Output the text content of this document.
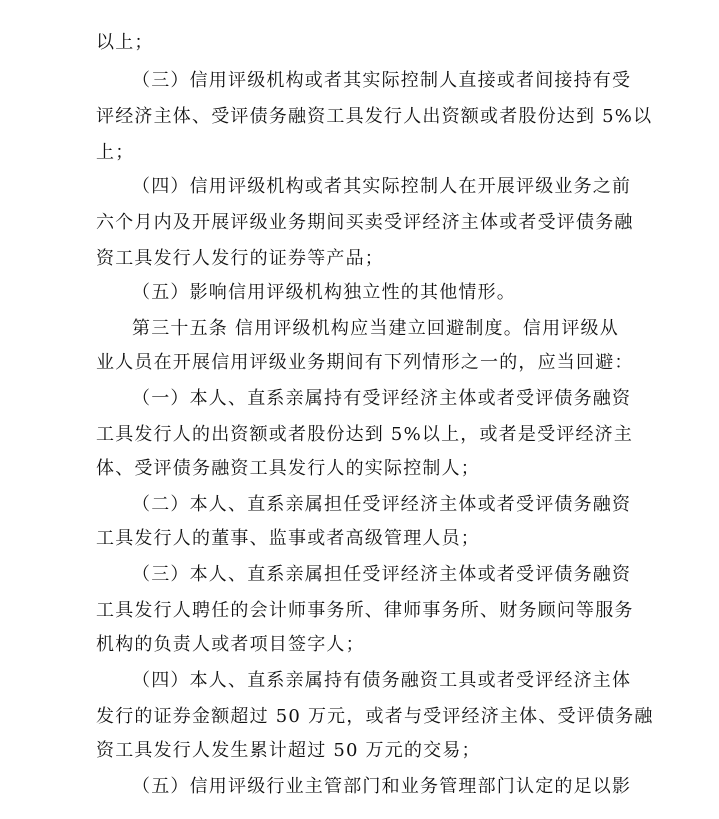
以上；
（三）信用评级机构或者其实际控制人直接或者间接持有受
评经济主体、受评债务融资工具发行人出资额或者股份达到 5%以
上；
（四）信用评级机构或者其实际控制人在开展评级业务之前
六个月内及开展评级业务期间买卖受评经济主体或者受评债务融
资工具发行人发行的证券等产品；
（五）影响信用评级机构独立性的其他情形。
第三十五条 信用评级机构应当建立回避制度。信用评级从
业人员在开展信用评级业务期间有下列情形之一的，应当回避：
（一）本人、直系亲属持有受评经济主体或者受评债务融资
工具发行人的出资额或者股份达到 5%以上，或者是受评经济主
体、受评债务融资工具发行人的实际控制人；
（二）本人、直系亲属担任受评经济主体或者受评债务融资
工具发行人的董事、监事或者高级管理人员；
（三）本人、直系亲属担任受评经济主体或者受评债务融资
工具发行人聘任的会计师事务所、律师事务所、财务顾问等服务
机构的负责人或者项目签字人；
（四）本人、直系亲属持有债务融资工具或者受评经济主体
发行的证券金额超过 50 万元，或者与受评经济主体、受评债务融
资工具发行人发生累计超过 50 万元的交易；
（五）信用评级行业主管部门和业务管理部门认定的足以影
